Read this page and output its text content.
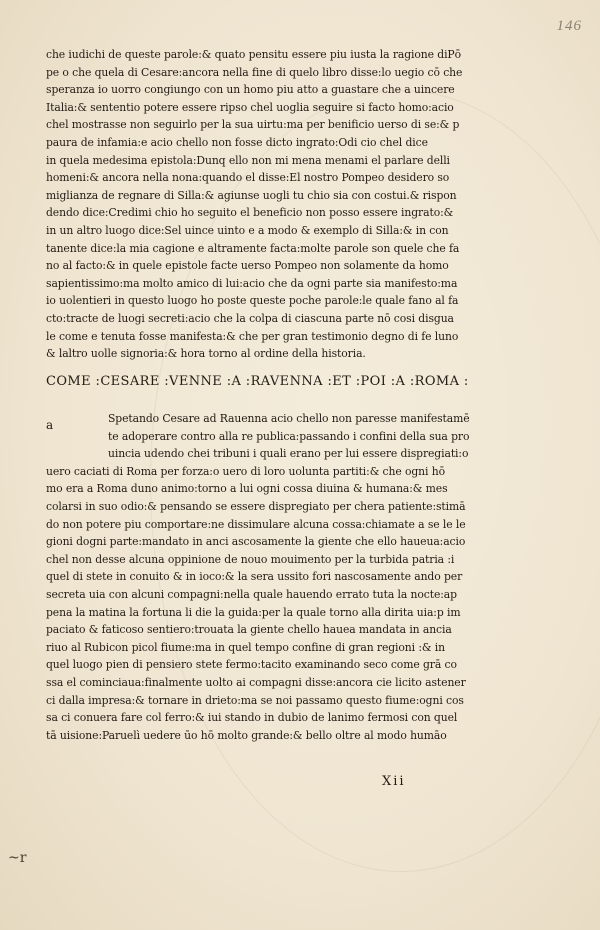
146
che iudichi de queste parole:& quato pensitu essere piu iusta la ragione diPō
pe o che quela di Cesare:ancora nella fine di quelo libro disse:lo uegio cō che
speranza io uorro congiungo con un homo piu atto a guastare che a uincere
Italia:& sententio potere essere ripso chel uoglia seguire si facto homo:acio
chel mostrasse non seguirlo per la sua uirtu:ma per benificio uerso di se:& p
paura de infamia:e acio chello non fosse dicto ingrato:Odi cio chel dice
in quela medesima epistola:Dunq ello non mi mena menami el parlare delli
homeni:& ancora nella nona:quando el disse:El nostro Pompeo desidero so
miglianza de regnare di Silla:& agiunse uogli tu chio sia con costui.& rispon
dendo dice:Credimi chio ho seguito el beneficio non posso essere ingrato:&
in un altro luogo dice:Sel uince uinto e a modo & exemplo di Silla:& in con
tanente dice:la mia cagione e altramente facta:molte parole son quele che fa
no al facto:& in quele epistole facte uerso Pompeo non solamente da homo
sapientissimo:ma molto amico di lui:acio che da ogni parte sia manifesto:ma
io uolentieri in questo luogo ho poste queste poche parole:le quale fano al fa
cto:tracte de luogi secreti:acio che la colpa di ciascuna parte nō cosi disgua
le come e tenuta fosse manifesta:& che per gran testimonio degno di fe luno
& laltro uolle signoria:& hora torno al ordine della historia.
COME :CESARE :VENNE :A :RAVENNA :ET :POI :A :ROMA :
a	Spetando Cesare ad Rauenna acio chello non paresse manifestamē
te adoperare contro alla re publica:passando i confini della sua pro
uincia udendo chei tribuni i quali erano per lui essere dispregiati:o
uero caciati di Roma per forza:o uero di loro uolunta partiti:& che ogni hō
mo era a Roma duno animo:torno a lui ogni cossa diuina & humana:& mes
colarsi in suo odio:& pensando se essere dispregiato per chera patiente:stimā
do non potere piu comportare:ne dissimulare alcuna cossa:chiamate a se le le
gioni dogni parte:mandato in anci ascosamente la giente che ello haueua:acio
chel non desse alcuna oppinione de nouo mouimento per la turbida patria :i
quel di stete in conuito & in ioco:& la sera ussito fori nascosamente ando per
secreta uia con alcuni compagni:nella quale hauendo errato tuta la nocte:ap
pena la matina la fortuna li die la guida:per la quale torno alla dirita uia:p im
paciato & faticoso sentiero:trouata la giente chello hauea mandata in ancia
riuo al Rubicon picol fiume:ma in quel tempo confine di gran regioni :& in
quel luogo pien di pensiero stete fermo:tacito examinando seco come grā co
ssa el cominciaua:finalmente uolto ai compagni disse:ancora cie licito astener
ci dalla impresa:& tornare in drieto:ma se noi passamo questo fiume:ogni cos
sa ci conuera fare col ferro:& iui stando in dubio de lanimo fermosi con quel
tā uisione:Paruelì uedere ūo hō molto grande:& bello oltre al modo humāo
Xii
~r
